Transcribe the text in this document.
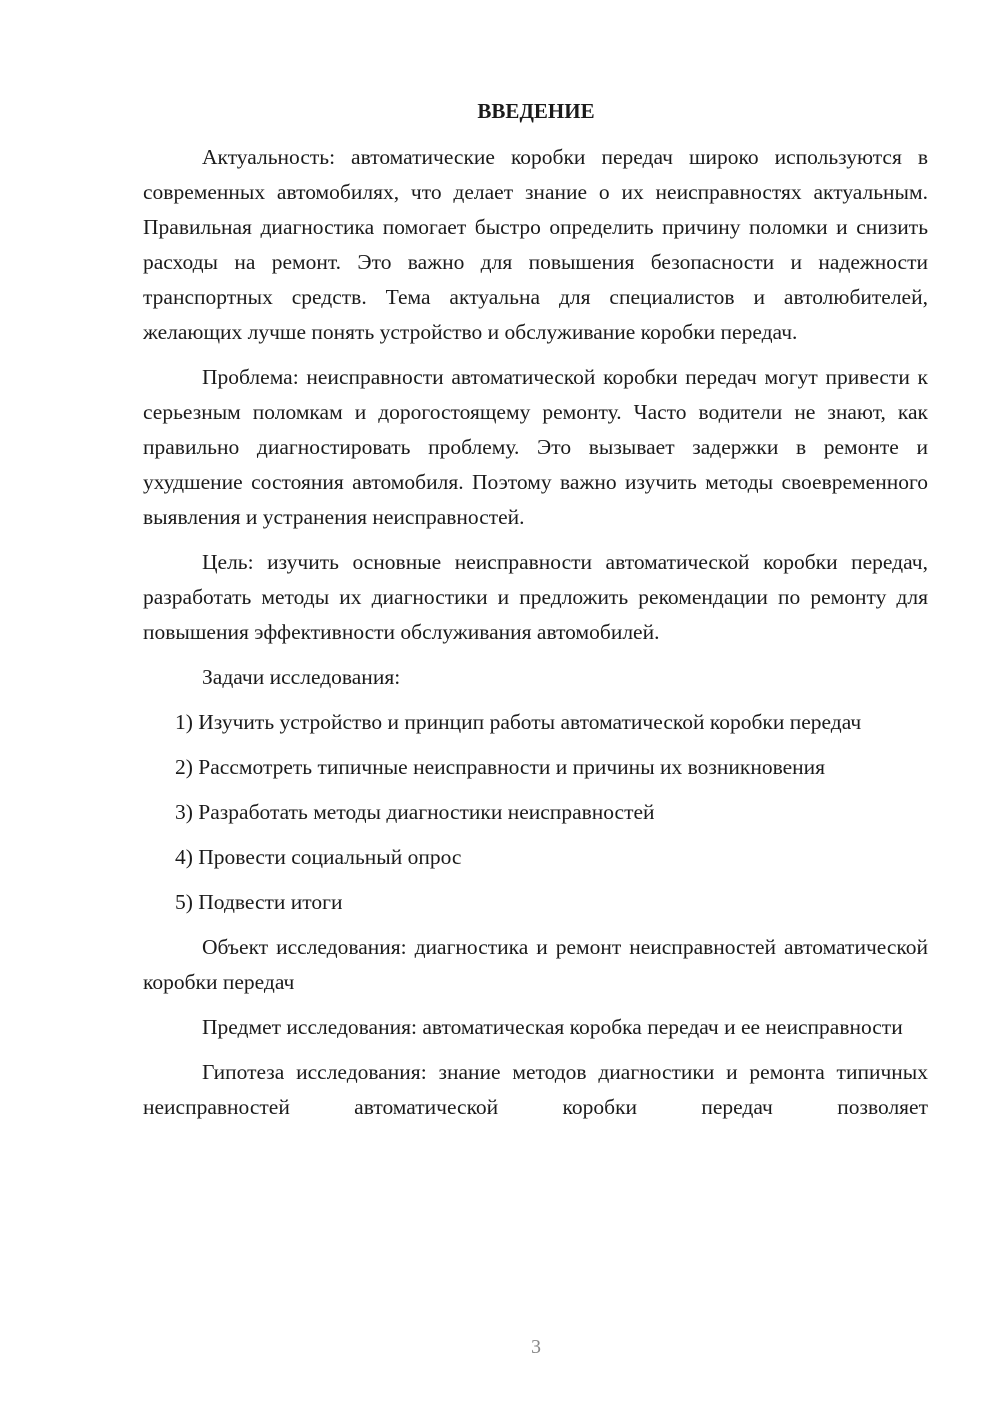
ВВЕДЕНИЕ

Актуальность: автоматические коробки передач широко используются в современных автомобилях, что делает знание о их неисправностях актуальным. Правильная диагностика помогает быстро определить причину поломки и снизить расходы на ремонт. Это важно для повышения безопасности и надежности транспортных средств. Тема актуальна для специалистов и автолюбителей, желающих лучше понять устройство и обслуживание коробки передач.

Проблема: неисправности автоматической коробки передач могут привести к серьезным поломкам и дорогостоящему ремонту. Часто водители не знают, как правильно диагностировать проблему. Это вызывает задержки в ремонте и ухудшение состояния автомобиля. Поэтому важно изучить методы своевременного выявления и устранения неисправностей.

Цель: изучить основные неисправности автоматической коробки передач, разработать методы их диагностики и предложить рекомендации по ремонту для повышения эффективности обслуживания автомобилей.

Задачи исследования:

1) Изучить устройство и принцип работы автоматической коробки передач

2) Рассмотреть типичные неисправности и причины их возникновения

3) Разработать методы диагностики неисправностей

4) Провести социальный опрос

5) Подвести итоги

Объект исследования: диагностика и ремонт неисправностей автоматической коробки передач

Предмет исследования: автоматическая коробка передач и ее неисправности

Гипотеза исследования: знание методов диагностики и ремонта типичных неисправностей автоматической коробки передач позволяет

3
